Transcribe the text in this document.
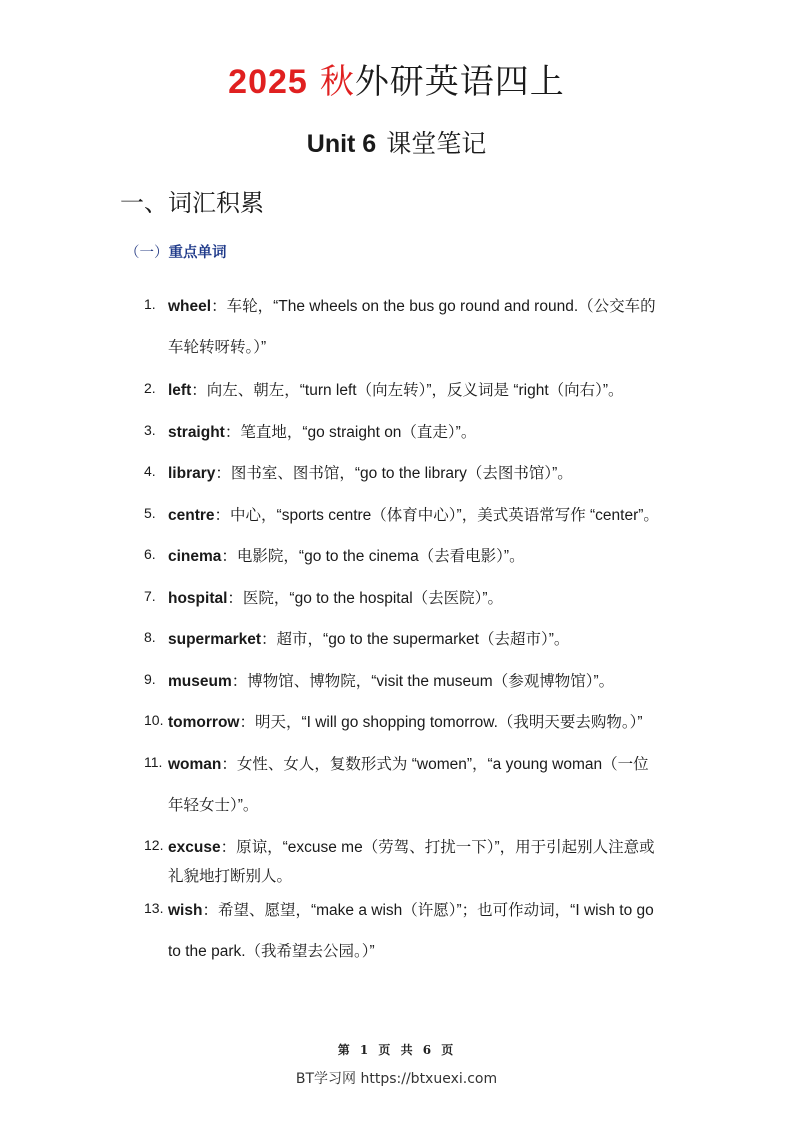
2025 秋外研英语四上
Unit 6 课堂笔记
一、词汇积累
（一）重点单词
1. wheel：车轮，“The wheels on the bus go round and round.（公交车的
车轮转呀转。）”
2. left：向左、朝左，“turn left（向左转）”，反义词是 “right（向右）”。
3. straight：笔直地，“go straight on（直走）”。
4. library：图书室、图书馆，“go to the library（去图书馆）”。
5. centre：中心，“sports centre（体育中心）”，美式英语常写作 “center”。
6. cinema：电影院，“go to the cinema（去看电影）”。
7. hospital：医院，“go to the hospital（去医院）”。
8. supermarket：超市，“go to the supermarket（去超市）”。
9. museum：博物馆、博物院，“visit the museum（参观博物馆）”。
10. tomorrow：明天，“I will go shopping tomorrow.（我明天要去购物。）”
11. woman：女性、女人，复数形式为 “women”，“a young woman（一位
年轻女士）”。
12. excuse：原谅，“excuse me（劳驾、打扰一下）”，用于引起别人注意或
礼貌地打断别人。
13. wish：希望、愿望，“make a wish（许愿）”；也可作动词，“I wish to go
to the park.（我希望去公园。）”
第 1 页 共 6 页
BT学习网 https://btxuexi.com
